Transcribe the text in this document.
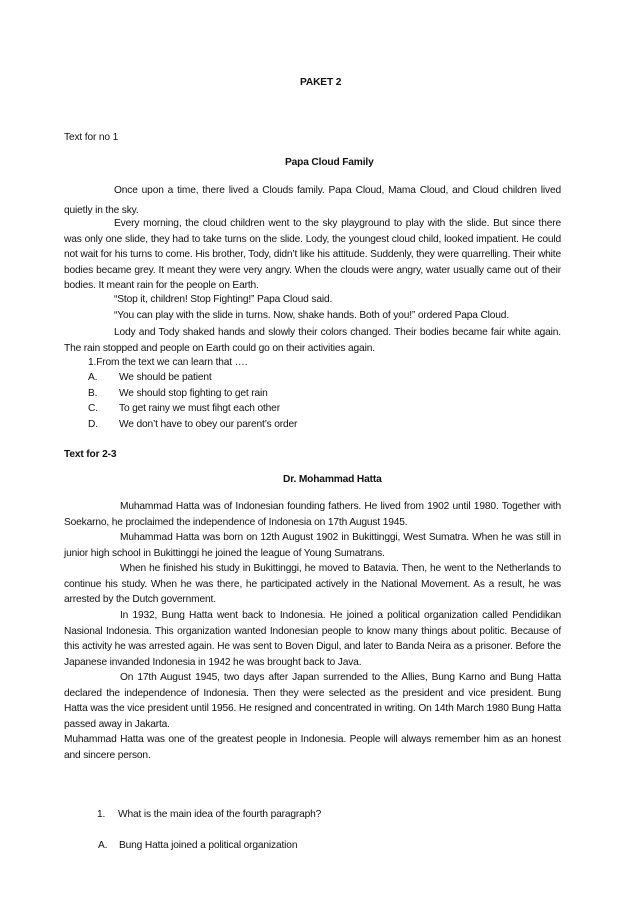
PAKET 2
Text for no 1
Papa Cloud Family
Once upon a time, there lived a Clouds family. Papa Cloud, Mama Cloud, and Cloud children lived quietly in the sky.
Every morning, the cloud children went to the sky playground to play with the slide. But since there was only one slide, they had to take turns on the slide. Lody, the youngest cloud child, looked impatient. He could not wait for his turns to come. His brother, Tody, didn’t like his attitude. Suddenly, they were quarrelling. Their white bodies became grey. It meant they were very angry. When the clouds were angry, water usually came out of their bodies. It meant rain for the people on Earth.
“Stop it, children! Stop Fighting!” Papa Cloud said.
“You can play with the slide in turns. Now, shake hands. Both of you!” ordered Papa Cloud.
Lody and Tody shaked hands and slowly their colors changed. Their bodies became fair white again. The rain stopped and people on Earth could go on their activities again.
1.From the text we can learn that ….
A. We should be patient
B. We should stop fighting to get rain
C. To get rainy we must fihgt each other
D. We don’t have to obey our parent’s order
Text for 2-3
Dr. Mohammad Hatta
Muhammad Hatta was of Indonesian founding fathers. He lived from 1902 until 1980. Together with Soekarno, he proclaimed the independence of Indonesia on 17th August 1945.
Muhammad Hatta was born on 12th August 1902 in Bukittinggi, West Sumatra. When he was still in junior high school in Bukittinggi he joined the league of Young Sumatrans.
When he finished his study in Bukittinggi, he moved to Batavia. Then, he went to the Netherlands to continue his study. When he was there, he participated actively in the National Movement. As a result, he was arrested by the Dutch government.
In 1932, Bung Hatta went back to Indonesia. He joined a political organization called Pendidikan Nasional Indonesia. This organization wanted Indonesian people to know many things about politic. Because of this activity he was arrested again. He was sent to Boven Digul, and later to Banda Neira as a prisoner. Before the Japanese invanded Indonesia in 1942 he was brought back to Java.
On 17th August 1945, two days after Japan surrended to the Allies, Bung Karno and Bung Hatta declared the independence of Indonesia. Then they were selected as the president and vice president. Bung Hatta was the vice president until 1956. He resigned and concentrated in writing. On 14th March 1980 Bung Hatta passed away in Jakarta.
Muhammad Hatta was one of the greatest people in Indonesia. People will always remember him as an honest and sincere person.
1. What is the main idea of the fourth paragraph?
A. Bung Hatta joined a political organization
